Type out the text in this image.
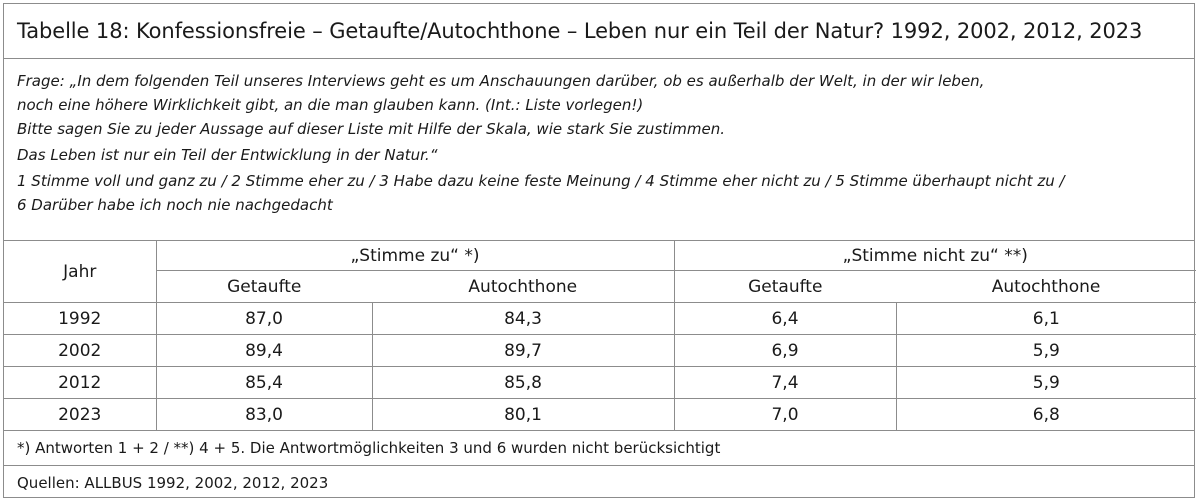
Tabelle 18: Konfessionsfreie – Getaufte/Autochthone – Leben nur ein Teil der Natur? 1992, 2002, 2012, 2023
Frage: „In dem folgenden Teil unseres Interviews geht es um Anschauungen darüber, ob es außerhalb der Welt, in der wir leben,
noch eine höhere Wirklichkeit gibt, an die man glauben kann. (Int.: Liste vorlegen!)
Bitte sagen Sie zu jeder Aussage auf dieser Liste mit Hilfe der Skala, wie stark Sie zustimmen.
Das Leben ist nur ein Teil der Entwicklung in der Natur.“
1 Stimme voll und ganz zu / 2 Stimme eher zu / 3 Habe dazu keine feste Meinung / 4 Stimme eher nicht zu / 5 Stimme überhaupt nicht zu /
6 Darüber habe ich noch nie nachgedacht
Jahr	„Stimme zu“ *)		„Stimme nicht zu“ **)	
	Getaufte	Autochthone	Getaufte	Autochthone
1992	87,0	84,3	6,4	6,1
2002	89,4	89,7	6,9	5,9
2012	85,4	85,8	7,4	5,9
2023	83,0	80,1	7,0	6,8
*) Antworten 1 + 2 / **) 4 + 5. Die Antwortmöglichkeiten 3 und 6 wurden nicht berücksichtigt
Quellen: ALLBUS 1992, 2002, 2012, 2023
